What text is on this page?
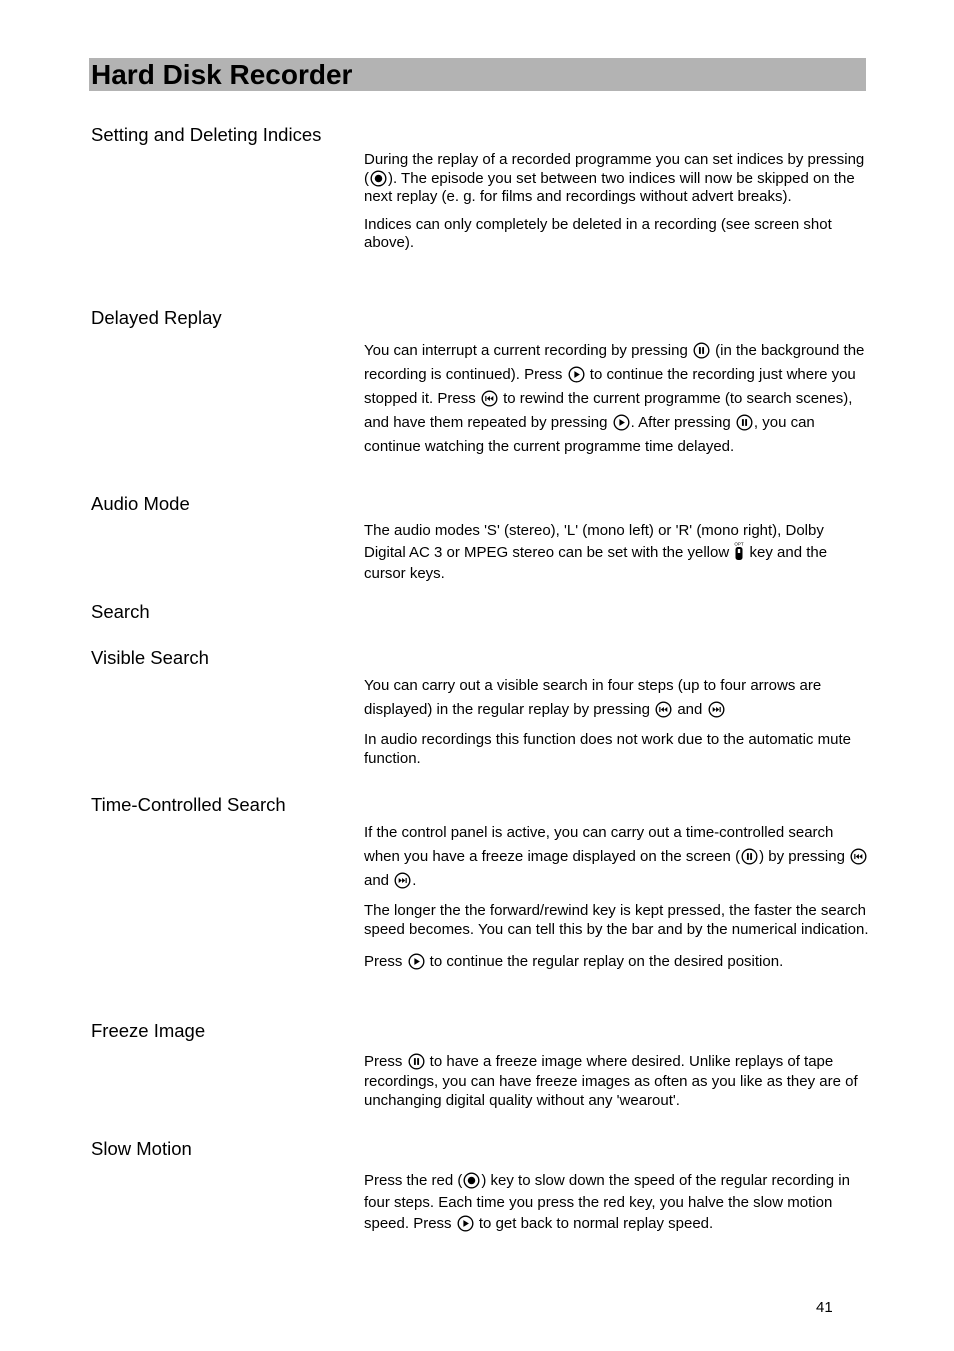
Hard Disk Recorder
Setting and Deleting Indices

During the replay of a recorded programme you can set indices by pressing ( ). The episode you set between two indices will now be skipped on the next replay (e. g. for films and recordings without advert breaks).

Indices can only completely be deleted in a recording (see screen shot above).

Delayed Replay

You can interrupt a current recording by pressing
(in the background the recording is continued). Press
to continue the recording just where you stopped it. Press
to rewind the current programme (to search scenes), and have them repeated by pressing
. After pressing
, you can continue watching the current programme time delayed.

Audio Mode

The audio modes 'S' (stereo), 'L' (mono left) or 'R' (mono right), Dolby Digital AC 3 or MPEG stereo can be set with the yellow OPT key and the cursor keys.

Search
Visible Search

You can carry out a visible search in four steps (up to four arrows are displayed) in the regular replay by pressing
and

In audio recordings this function does not work due to the automatic mute function.

Time-Controlled Search

If the control panel is active, you can carry out a time-controlled search when you have a freeze image displayed on the screen ( ) by pressing
and
.

The longer the the forward/rewind key is kept pressed, the faster the search speed becomes. You can tell this by the bar and by the numerical indication.

Press
to continue the regular replay on the desired position.

Freeze Image

Press
to have a freeze image where desired. Unlike replays of tape recordings, you can have freeze images as often as you like as they are of unchanging digital quality without any 'wearout'.

Slow Motion

Press the red ( ) key to slow down the speed of the regular recording in four steps. Each time you press the red key, you halve the slow motion speed. Press
to get back to normal replay speed.

41
